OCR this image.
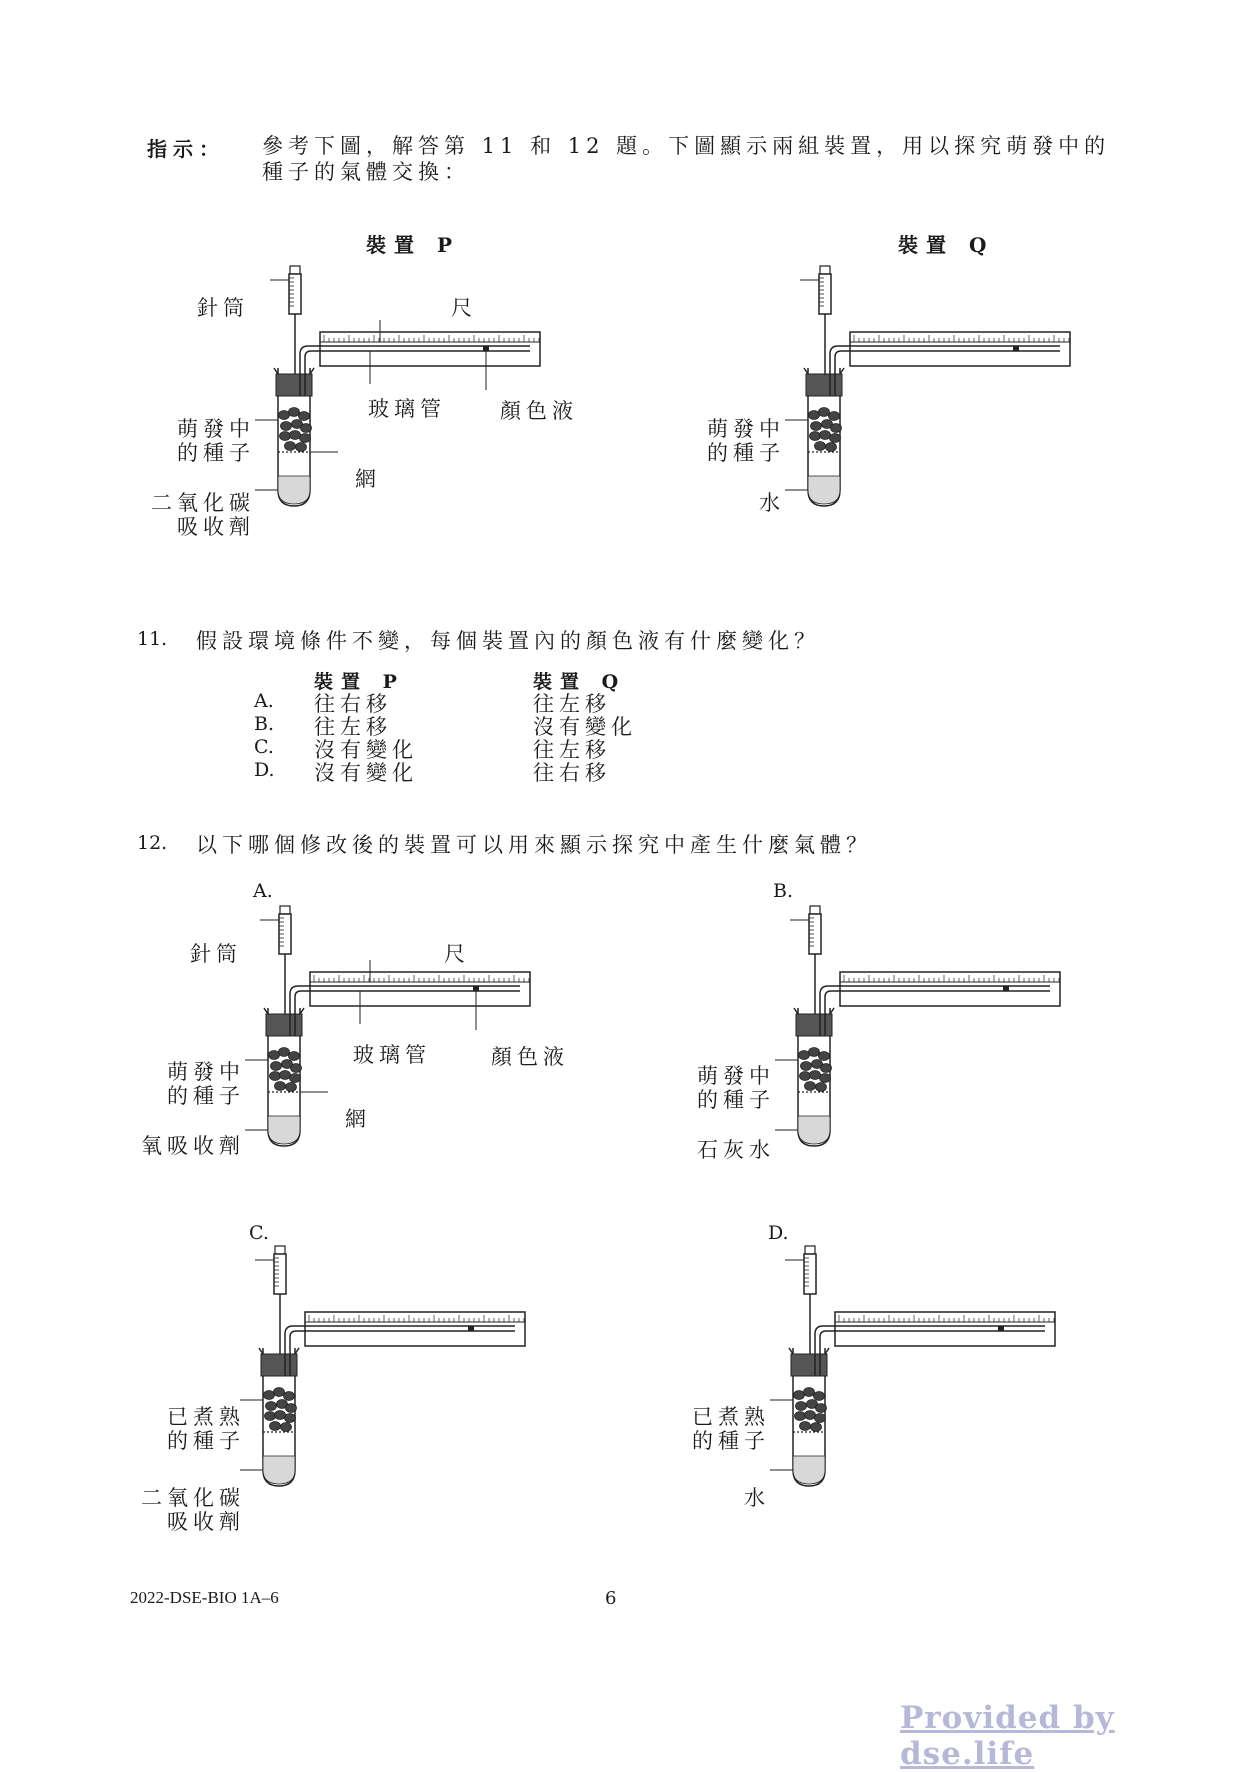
指示： 參考下圖，解答第 11 和 12 題。下圖顯示兩組裝置，用以探究萌發中的種子的氣體交換：
裝置 P
針筒	尺
玻璃管	顏色液
萌發中
的種子
網
二氧化碳
吸收劑
裝置 Q
萌發中
的種子
水
11. 假設環境條件不變，每個裝置內的顏色液有什麼變化？
裝置 P	裝置 Q
A. 往右移	往左移
B. 往左移	沒有變化
C. 沒有變化	往左移
D. 沒有變化	往右移
12. 以下哪個修改後的裝置可以用來顯示探究中產生什麼氣體？
A.
針筒	尺
玻璃管	顏色液
萌發中
的種子
網
氧吸收劑
B.
萌發中
的種子
石灰水
C.
已煮熟
的種子
二氧化碳
吸收劑
D.
已煮熟
的種子
水
2022-DSE-BIO 1A–6	6
Provided by dse.life
